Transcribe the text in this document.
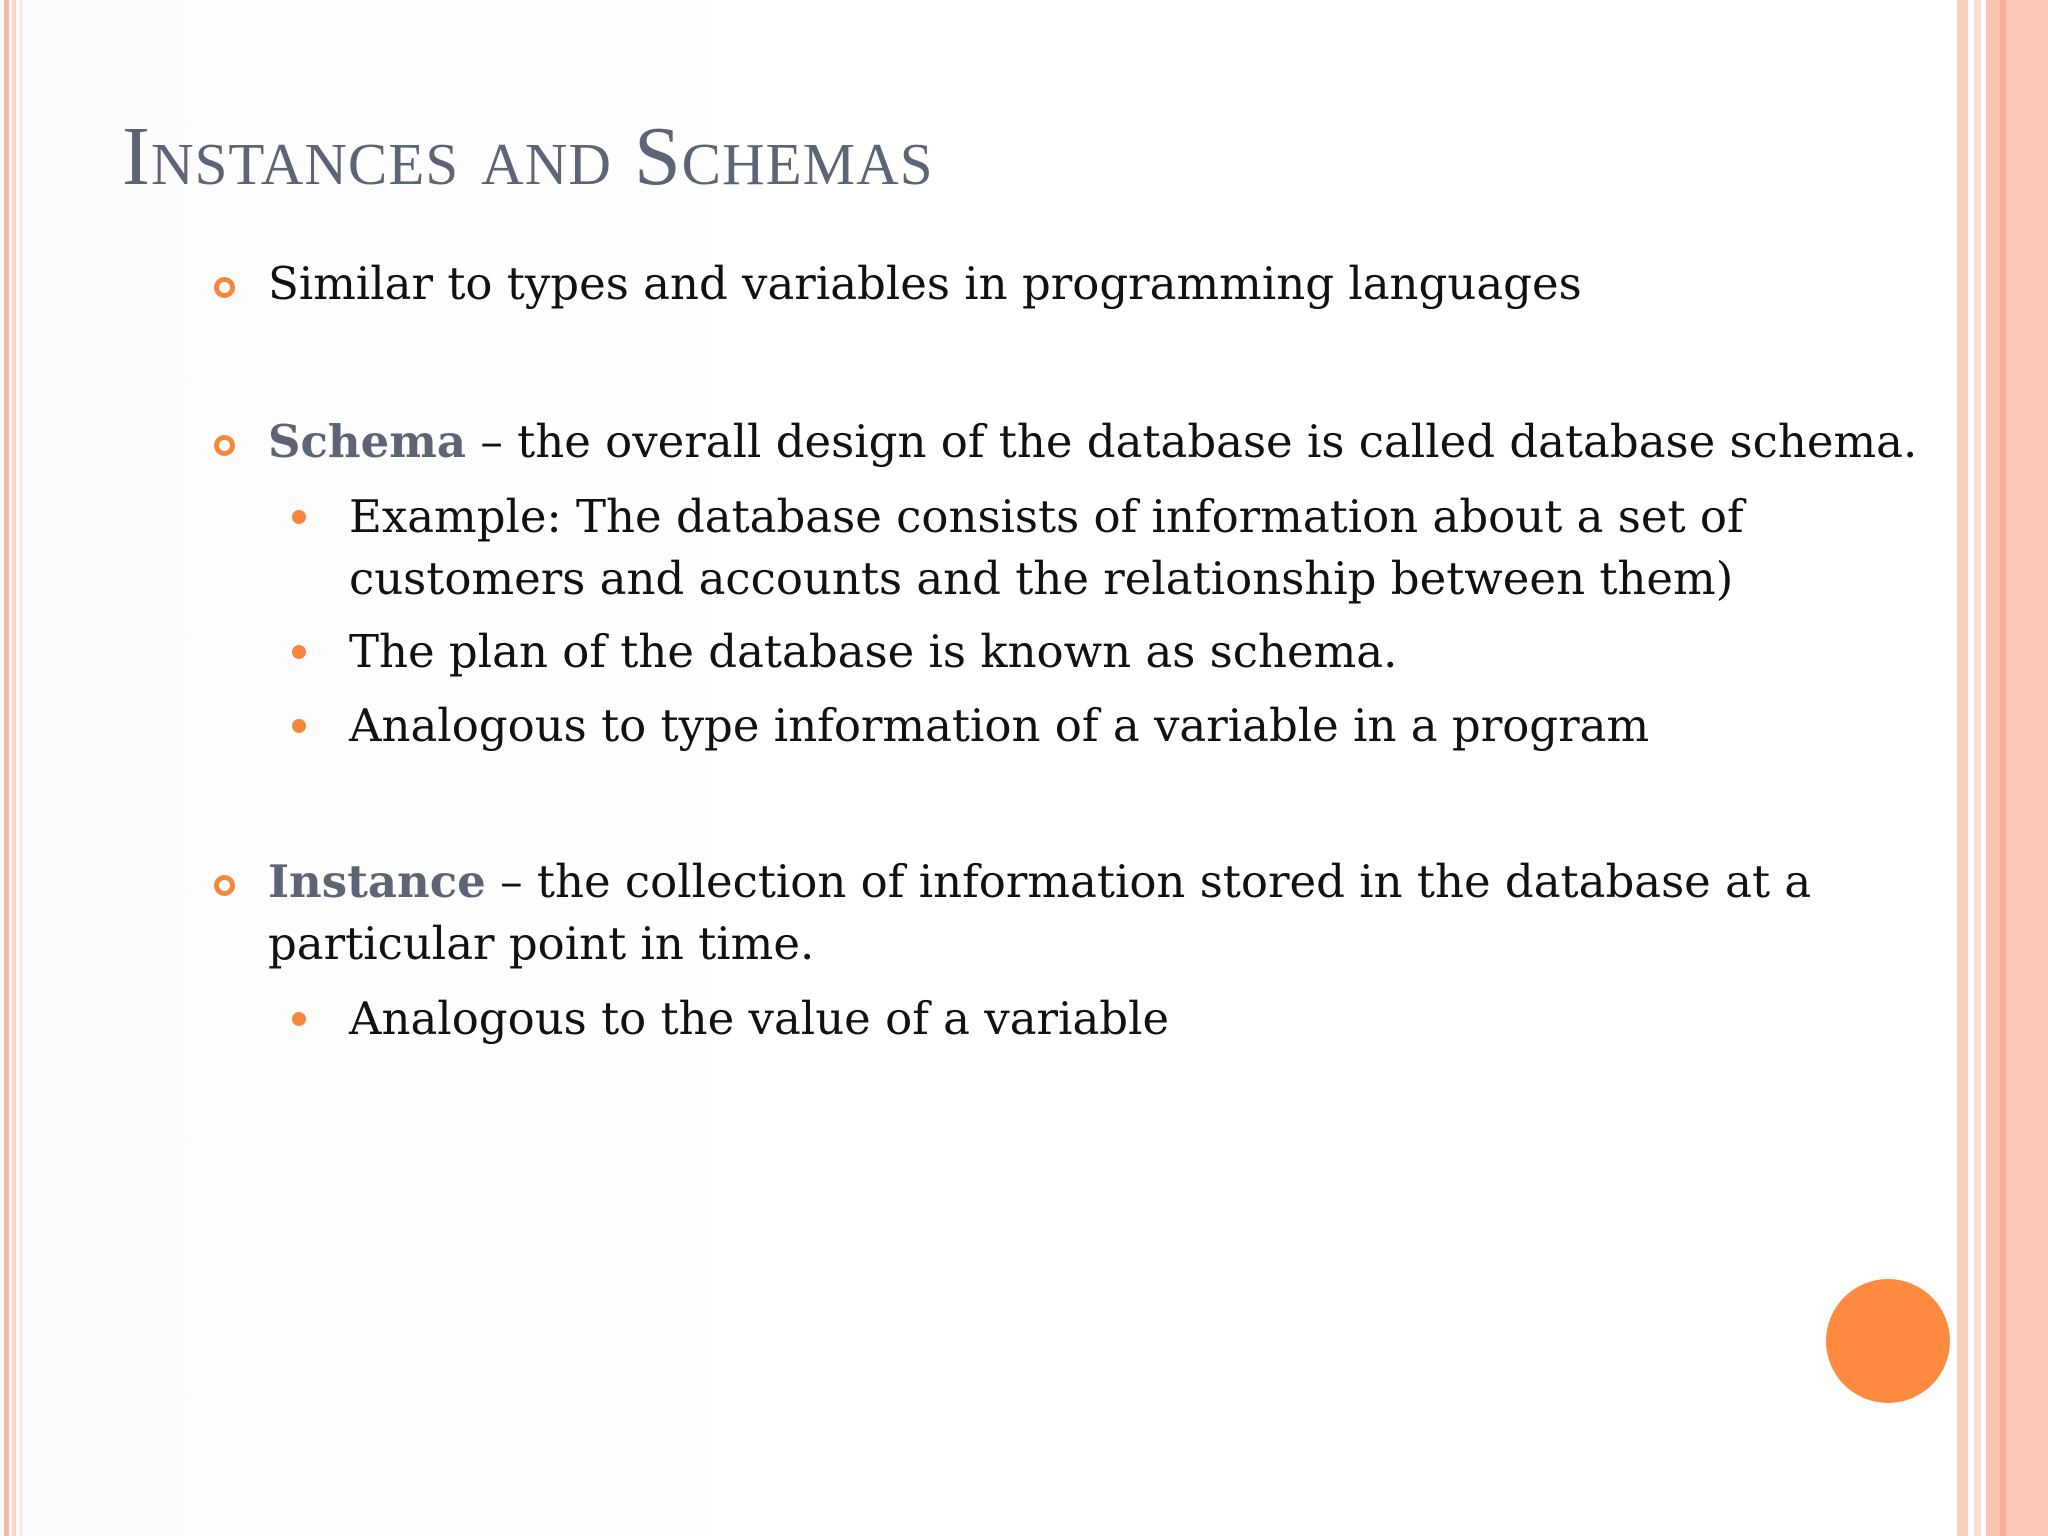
Instances and Schemas
Similar to types and variables in programming languages
Schema – the overall design of the database is called database schema.
Example: The database consists of information about a set of
customers and accounts and the relationship between them)
The plan of the database is known as schema.
Analogous to type information of a variable in a program
Instance – the collection of information stored in the database at a
particular point in time.
Analogous to the value of a variable
